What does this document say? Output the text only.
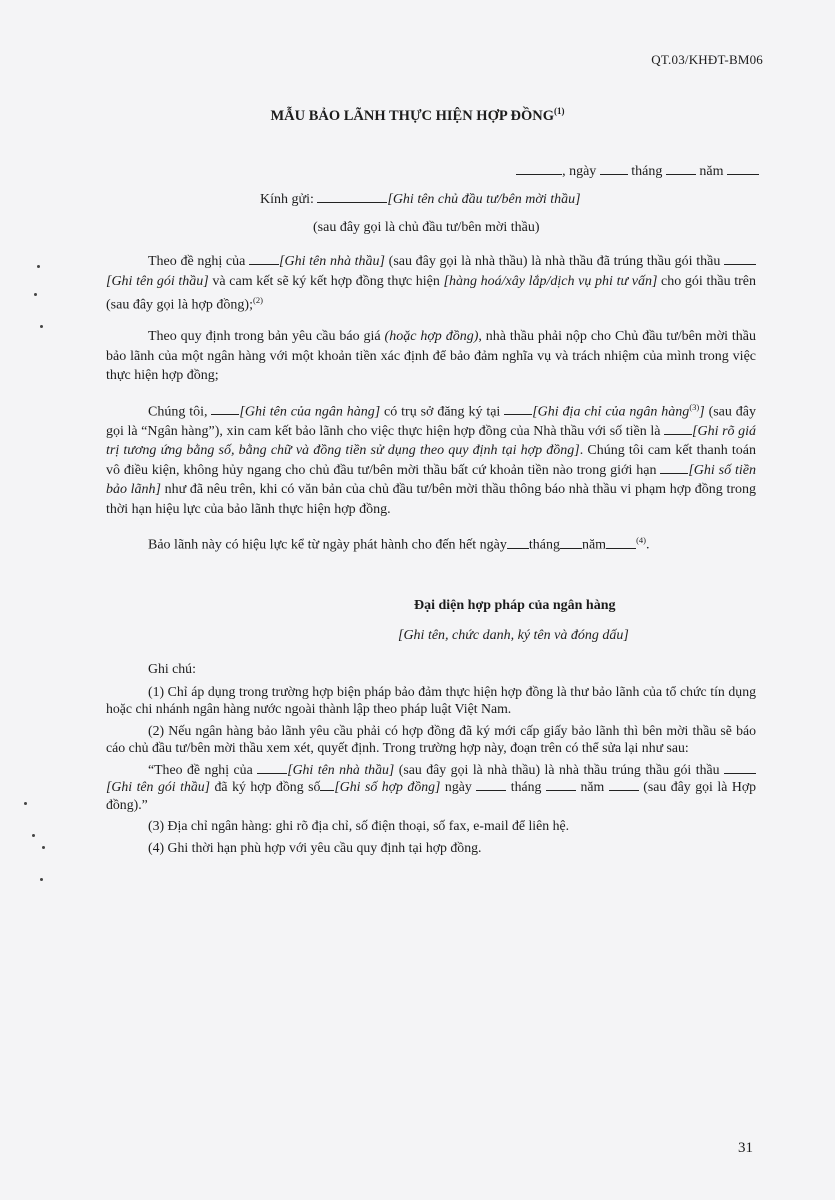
QT.03/KHĐT-BM06
MẪU BẢO LÃNH THỰC HIỆN HỢP ĐỒNG$^{(1)}$
, ngày	tháng	năm
Kính gửi:	[Ghi tên chủ đầu tư/bên mời thầu]
(sau đây gọi là chủ đầu tư/bên mời thầu)

Theo đề nghị của [Ghi tên nhà thầu] (sau đây gọi là nhà thầu) là nhà thầu đã trúng thầu gói thầu [Ghi tên gói thầu] và cam kết sẽ ký kết hợp đồng thực hiện [hàng hoá/xây lắp/dịch vụ phi tư vấn] cho gói thầu trên (sau đây gọi là hợp đồng);$^{(2)}$

Theo quy định trong bản yêu cầu báo giá (hoặc hợp đồng), nhà thầu phải nộp cho Chủ đầu tư/bên mời thầu bảo lãnh của một ngân hàng với một khoản tiền xác định để bảo đảm nghĩa vụ và trách nhiệm của mình trong việc thực hiện hợp đồng;

Chúng tôi, [Ghi tên của ngân hàng] có trụ sở đăng ký tại [Ghi địa chỉ của ngân hàng$^{(3)}$] (sau đây gọi là “Ngân hàng”), xin cam kết bảo lãnh cho việc thực hiện hợp đồng của Nhà thầu với số tiền là [Ghi rõ giá trị tương ứng bằng số, bằng chữ và đồng tiền sử dụng theo quy định tại hợp đồng]. Chúng tôi cam kết thanh toán vô điều kiện, không hủy ngang cho chủ đầu tư/bên mời thầu bất cứ khoản tiền nào trong giới hạn [Ghi số tiền bảo lãnh] như đã nêu trên, khi có văn bản của chủ đầu tư/bên mời thầu thông báo nhà thầu vi phạm hợp đồng trong thời hạn hiệu lực của bảo lãnh thực hiện hợp đồng.

Bảo lãnh này có hiệu lực kể từ ngày phát hành cho đến hết ngày tháng năm	$^{(4)}$.

Đại diện hợp pháp của ngân hàng
[Ghi tên, chức danh, ký tên và đóng dấu]
Ghi chú:

(1) Chỉ áp dụng trong trường hợp biện pháp bảo đảm thực hiện hợp đồng là thư bảo lãnh của tổ chức tín dụng hoặc chi nhánh ngân hàng nước ngoài thành lập theo pháp luật Việt Nam.

(2) Nếu ngân hàng bảo lãnh yêu cầu phải có hợp đồng đã ký mới cấp giấy bảo lãnh thì bên mời thầu sẽ báo cáo chủ đầu tư/bên mời thầu xem xét, quyết định. Trong trường hợp này, đoạn trên có thể sửa lại như sau:

“Theo đề nghị của [Ghi tên nhà thầu] (sau đây gọi là nhà thầu) là nhà thầu trúng thầu gói thầu [Ghi tên gói thầu] đã ký hợp đồng số [Ghi số hợp đồng] ngày  tháng  năm  (sau đây gọi là Hợp đồng).”

(3) Địa chỉ ngân hàng: ghi rõ địa chỉ, số điện thoại, số fax, e-mail để liên hệ.

(4) Ghi thời hạn phù hợp với yêu cầu quy định tại hợp đồng.

31
